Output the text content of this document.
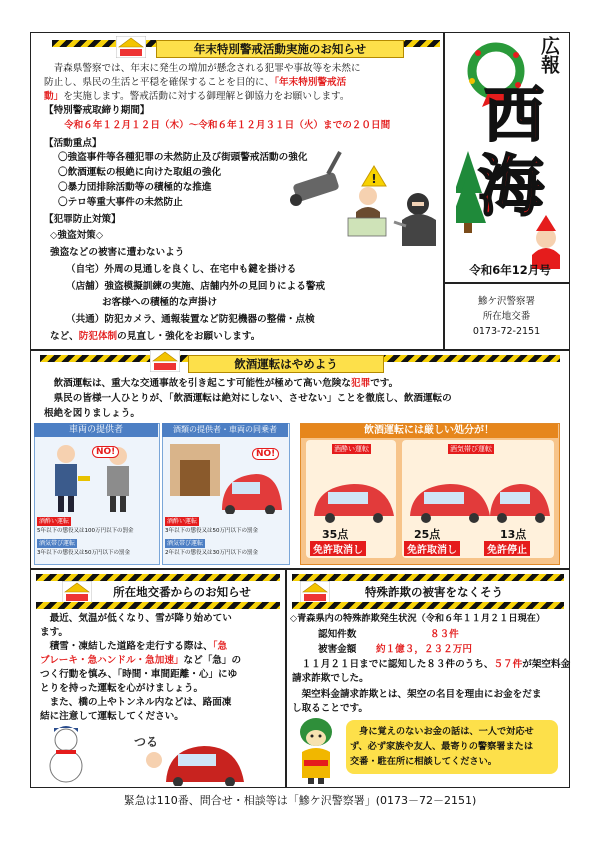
年末特別警戒活動実施のお知らせ
　青森県警察では、年末に発生の増加が懸念される犯罪や事故等を未然に
防止し、県民の生活と平穏を確保することを目的に、「年末特別警戒活
動」を実施します。警戒活動に対する御理解と御協力をお願いします。
【特別警戒取締り期間】
令和６年１２月１２日（木）～令和６年１２月３１日（火）までの２０日間
【活動重点】
〇強盗事件等各種犯罪の未然防止及び街頭警戒活動の強化
〇飲酒運転の根絶に向けた取組の強化
〇暴力団排除活動等の積極的な推進
〇テロ等重大事件の未然防止
【犯罪防止対策】
◇強盗対策◇
強盗などの被害に遭わないよう
（自宅）外周の見通しを良くし、在宅中も鍵を掛ける
（店舗）強盗模擬訓練の実施、店舗内外の見回りによる警戒
お客様への積極的な声掛け
（共通）防犯カメラ、通報装置など防犯機器の整備・点検
など、防犯体制の見直し・強化をお願いします。
!
広報
西
海
令和6年12月号
鰺ケ沢警察署
所在地交番
0173-72-2151
飲酒運転はやめよう
　飲酒運転は、重大な交通事故を引き起こす可能性が極めて高い危険な犯罪です。
　県民の皆様一人ひとりが、「飲酒運転は絶対にしない、させない」ことを徹底し、飲酒運転の
根絶を図りましょう。
車両の提供者
NO!
酒酔い運転
5年以下の懲役又は100万円以下の罰金
酒気帯び運転
3年以下の懲役又は50万円以下の罰金
酒類の提供者・車両の同乗者
NO!
酒酔い運転
3年以下の懲役又は50万円以下の罰金
酒気帯び運転
2年以下の懲役又は30万円以下の罰金
飲酒運転には厳しい処分が！
酒酔い運転	酒気帯び運転
35点
免許取消し
25点
免許取消し
13点
免許停止
所在地交番からのお知らせ
　最近、気温が低くなり、雪が降り始めてい
ます。
　積雪・凍結した道路を走行する際は、「急
ブレーキ・急ハンドル・急加速」など「急」の
つく行動を慎み、「時間・車間距離・心」にゆ
とりを持った運転を心がけましょう。
　また、橋の上やトンネル内などは、路面凍
結に注意して運転してください。
つる
特殊詐欺の被害をなくそう
◇青森県内の特殊詐欺発生状況（令和６年１１月２１日現在）
認知件数	８３件
被害金額 約１億３，２３２万円
　１１月２１日までに認知した８３件のうち、５７件が架空料金
請求詐欺でした。
　架空料金請求詐欺とは、架空の名目を理由にお金をだま
し取ることです。
　身に覚えのないお金の話は、一人で対応せ
ず、必ず家族や友人、最寄りの警察署または
交番・駐在所に相談してください。
緊急は110番、問合せ・相談等は「鰺ケ沢警察署」(0173－72－2151)
